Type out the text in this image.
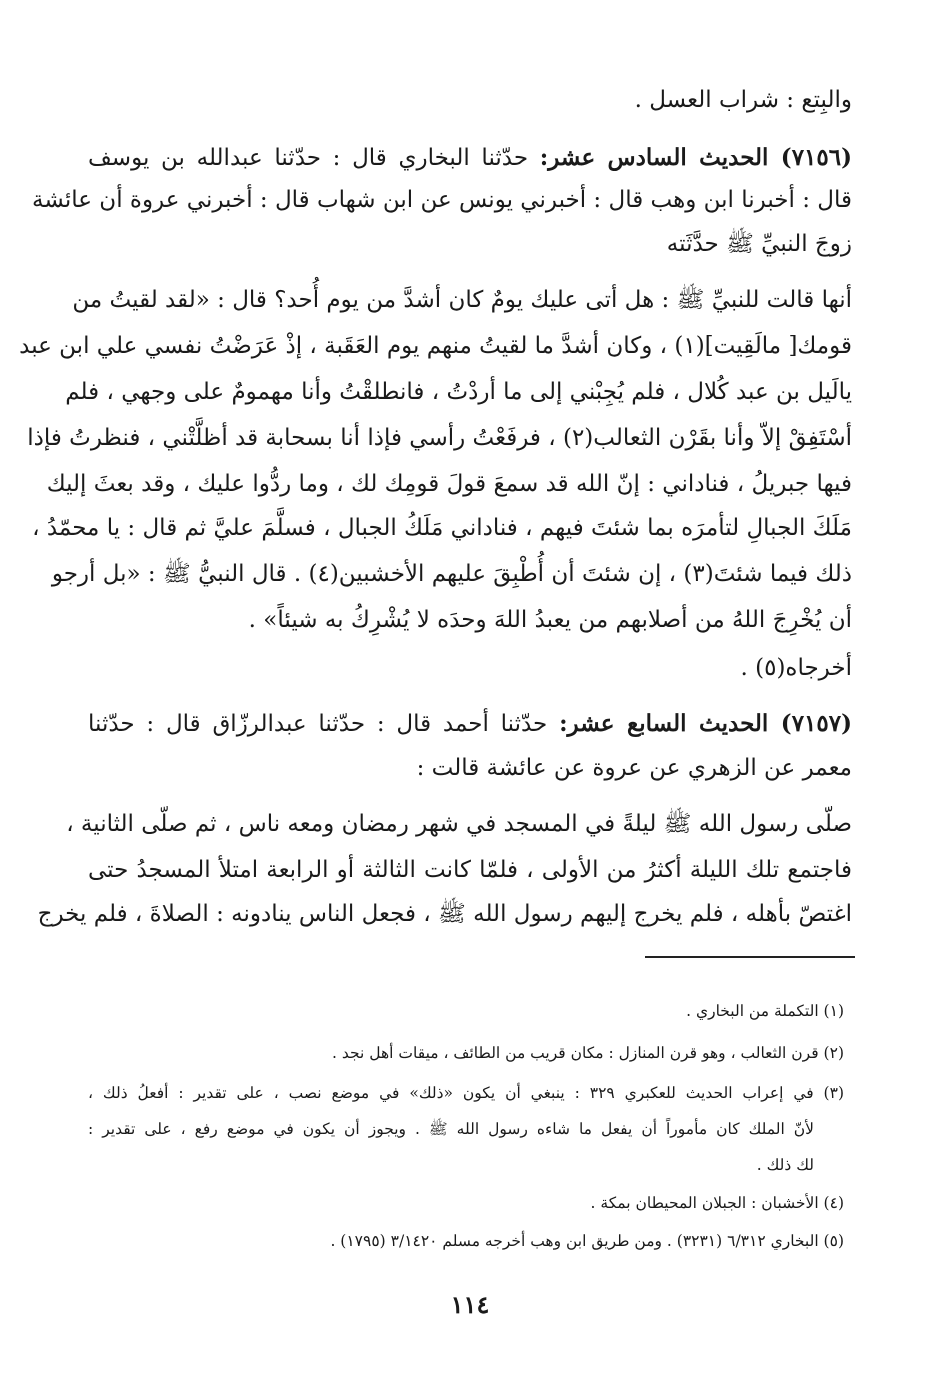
والبِتع : شراب العسل .
(٧١٥٦) الحديث السادس عشر: حدّثنا البخاري قال : حدّثنا عبدالله بن يوسف
قال : أخبرنا ابن وهب قال : أخبرني يونس عن ابن شهاب قال : أخبرني عروة أن عائشة
زوجَ النبيِّ ﷺ حدَّثَته
أنها قالت للنبيِّ ﷺ : هل أتى عليك يومٌ كان أشدَّ من يوم أُحد؟ قال : «لقد لقيتُ من
قومك[ مالَقِيت](١) ، وكان أشدَّ ما لقيتُ منهم يوم العَقَبة ، إذْ عَرَضْتُ نفسي علي ابن عبد
يالَيل بن عبد كُلال ، فلم يُجِبْني إلى ما أردْتُ ، فانطلقْتُ وأنا مهمومٌ على وجهي ، فلم
أسْتَفِقْ إلاّ وأنا بقَرْن الثعالب(٢) ، فرفَعْتُ رأسي فإذا أنا بسحابة قد أظلَّتْني ، فنظرتُ فإذا
فيها جبريلُ ، فناداني : إنّ الله قد سمعَ قولَ قومِك لك ، وما ردُّوا عليك ، وقد بعثَ إليك
مَلَكَ الجبالِ لتأمرَه بما شئتَ فيهم ، فناداني مَلَكُ الجبال ، فسلَّمَ عليَّ ثم قال : يا محمّدُ ،
ذلك فيما شئتَ(٣) ، إن شئتَ أن أُطْبِقَ عليهم الأخشبين(٤) . قال النبيُّ ﷺ : «بل أرجو
أن يُخْرِجَ اللهُ من أصلابهم من يعبدُ اللهَ وحدَه لا يُشْرِكُ به شيئاً» .
أخرجاه(٥) .
(٧١٥٧) الحديث السابع عشر: حدّثنا أحمد قال : حدّثنا عبدالرزّاق قال : حدّثنا
معمر عن الزهري عن عروة عن عائشة قالت :
صلّى رسول الله ﷺ ليلةً في المسجد في شهر رمضان ومعه ناس ، ثم صلّى الثانية ،
فاجتمع تلك الليلة أكثرُ من الأولى ، فلمّا كانت الثالثة أو الرابعة امتلأ المسجدُ حتى
اغتصّ بأهله ، فلم يخرج إليهم رسول الله ﷺ ، فجعل الناس ينادونه : الصلاةَ ، فلم يخرج
(١) التكملة من البخاري .
(٢) قرن الثعالب ، وهو قرن المنازل : مكان قريب من الطائف ، ميقات أهل نجد .
(٣) في إعراب الحديث للعكبري ٣٢٩ : ينبغي أن يكون «ذلك» في موضع نصب ، على تقدير : أفعلُ ذلك ،
لأنّ الملك كان مأموراً أن يفعل ما شاءه رسول الله ﷺ . ويجوز أن يكون في موضع رفع ، على تقدير :
لك ذلك .
(٤) الأخشبان : الجبلان المحيطان بمكة .
(٥) البخاري ٦/٣١٢ (٣٢٣١) . ومن طريق ابن وهب أخرجه مسلم ٣/١٤٢٠ (١٧٩٥) .
١١٤
